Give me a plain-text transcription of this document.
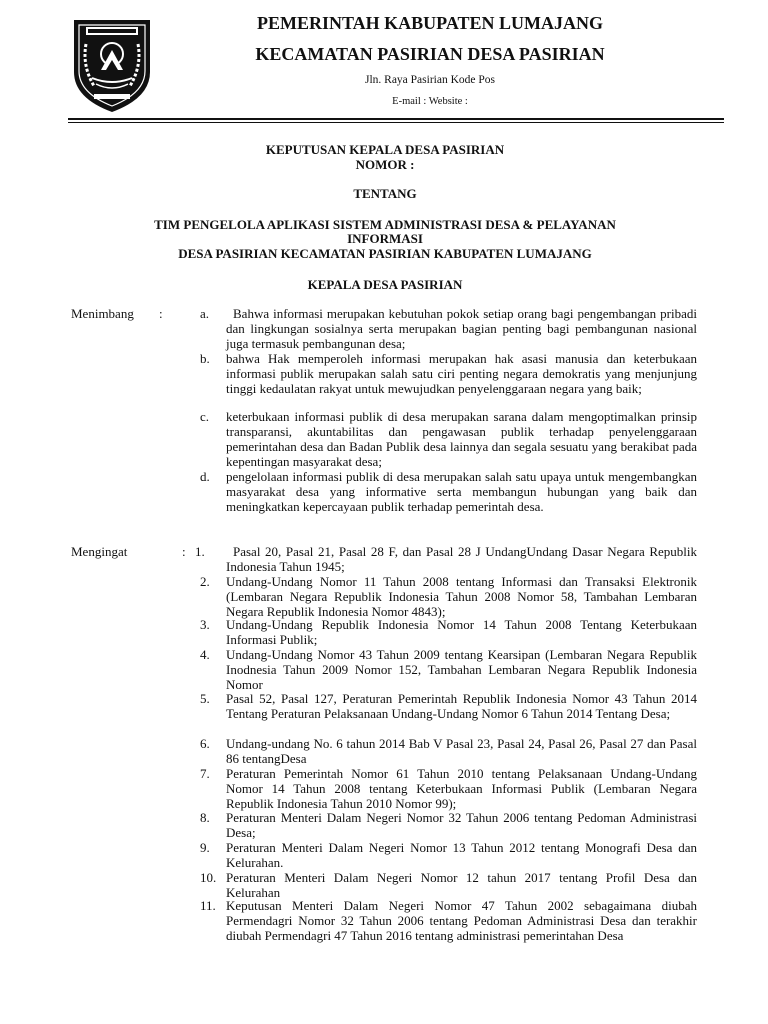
PEMERINTAH KABUPATEN LUMAJANG

KECAMATAN PASIRIAN DESA PASIRIAN

Jln. Raya Pasirian Kode Pos

E-mail : Website :

KEPUTUSAN KEPALA DESA PASIRIAN

NOMOR :

TENTANG

TIM PENGELOLA APLIKASI SISTEM ADMINISTRASI DESA & PELAYANAN

INFORMASI

DESA PASIRIAN KECAMATAN PASIRIAN KABUPATEN LUMAJANG

KEPALA DESA PASIRIAN

Menimbang :	a.	Bahwa informasi merupakan kebutuhan pokok setiap orang bagi pengembangan pribadi dan lingkungan sosialnya serta merupakan bagian penting bagi pembangunan nasional juga termasuk pembangunan desa;

b. bahwa Hak memperoleh informasi merupakan hak asasi manusia dan keterbukaan informasi publik merupakan salah satu ciri penting negara demokratis yang menjunjung tinggi kedaulatan rakyat untuk mewujudkan penyelenggaraan negara yang baik;

c. keterbukaan informasi publik di desa merupakan sarana dalam mengoptimalkan prinsip transparansi, akuntabilitas dan pengawasan publik terhadap penyelenggaraan pemerintahan desa dan Badan Publik desa lainnya dan segala sesuatu yang berakibat pada kepentingan masyarakat desa;

d. pengelolaan informasi publik di desa merupakan salah satu upaya untuk mengembangkan masyarakat desa yang informative serta membangun hubungan yang baik dan meningkatkan kepercayaan publik terhadap pemerintah desa.

Mengingat	: 1.	Pasal 20, Pasal 21, Pasal 28 F, dan Pasal 28 J UndangUndang Dasar Negara Republik Indonesia Tahun 1945;

2. Undang-Undang Nomor 11 Tahun 2008 tentang Informasi dan Transaksi Elektronik (Lembaran Negara Republik Indonesia Tahun 2008 Nomor 58, Tambahan Lembaran Negara Republik Indonesia Nomor 4843);

3. Undang-Undang Republik Indonesia Nomor 14 Tahun 2008 Tentang Keterbukaan Informasi Publik;

4. Undang-Undang Nomor 43 Tahun 2009 tentang Kearsipan (Lembaran Negara Republik Inodnesia Tahun 2009 Nomor 152, Tambahan Lembaran Negara Republik Indonesia Nomor

5. Pasal 52, Pasal 127, Peraturan Pemerintah Republik Indonesia Nomor 43 Tahun 2014 Tentang Peraturan Pelaksanaan Undang-Undang Nomor 6 Tahun 2014 Tentang Desa;

6. Undang-undang No. 6 tahun 2014 Bab V Pasal 23, Pasal 24, Pasal 26, Pasal 27 dan Pasal 86 tentangDesa

7. Peraturan Pemerintah Nomor 61 Tahun 2010 tentang Pelaksanaan Undang-Undang Nomor 14 Tahun 2008 tentang Keterbukaan Informasi Publik (Lembaran Negara Republik Indonesia Tahun 2010 Nomor 99);

8. Peraturan Menteri Dalam Negeri Nomor 32 Tahun 2006 tentang Pedoman Administrasi Desa;

9. Peraturan Menteri Dalam Negeri Nomor 13 Tahun 2012 tentang Monografi Desa dan Kelurahan.

10. Peraturan Menteri Dalam Negeri Nomor 12 tahun 2017 tentang Profil Desa dan Kelurahan

11. Keputusan Menteri Dalam Negeri Nomor 47 Tahun 2002 sebagaimana diubah Permendagri Nomor 32 Tahun 2006 tentang Pedoman Administrasi Desa dan terakhir diubah Permendagri 47 Tahun 2016 tentang administrasi pemerintahan Desa
